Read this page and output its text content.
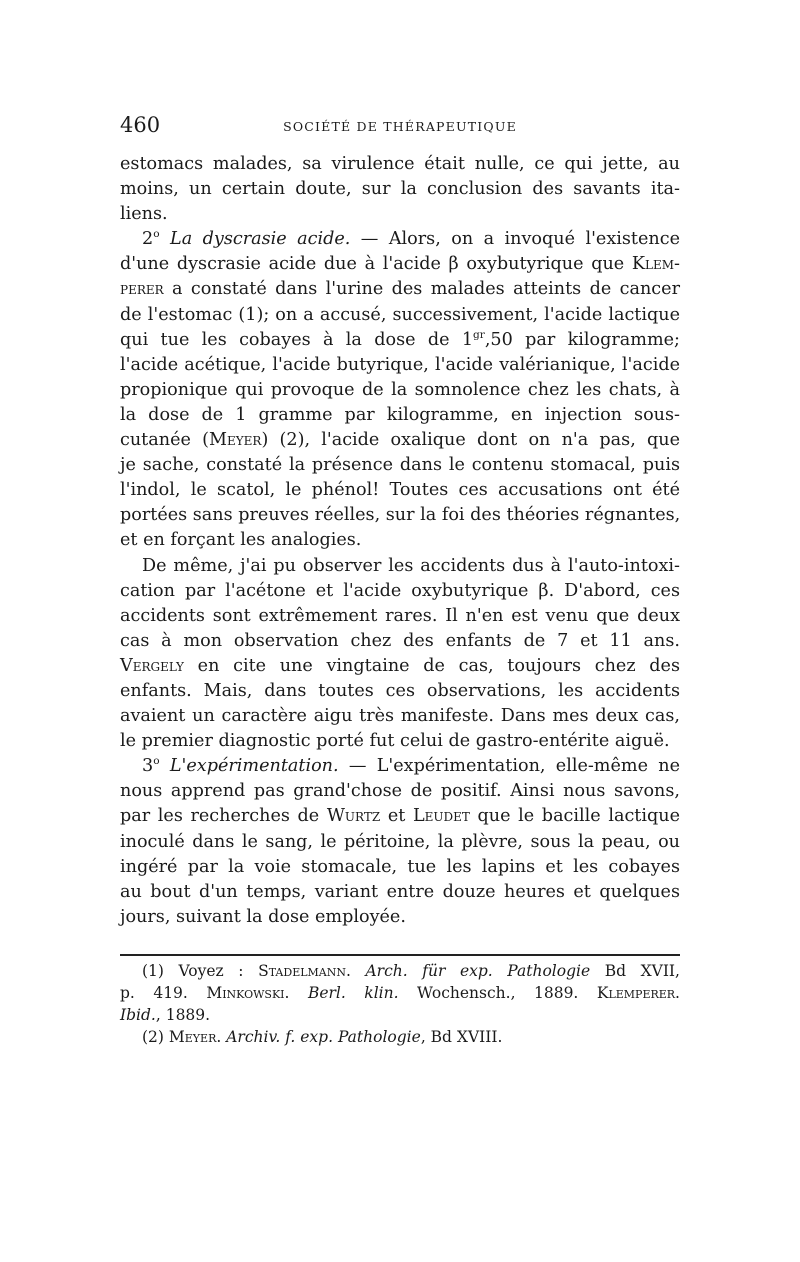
460	SOCIÉTÉ DE THÉRAPEUTIQUE
estomacs malades, sa virulence était nulle, ce qui jette, au
moins, un certain doute, sur la conclusion des savants ita-
liens.
2$^o$ La dyscrasie acide. — Alors, on a invoqué l'existence
d'une dyscrasie acide due à l'acide β oxybutyrique que Klem-
perer a constaté dans l'urine des malades atteints de cancer
de l'estomac (1); on a accusé, successivement, l'acide lactique
qui tue les cobayes à la dose de $1^{gr},50$ par kilogramme;
l'acide acétique, l'acide butyrique, l'acide valérianique, l'acide
propionique qui provoque de la somnolence chez les chats, à
la dose de 1 gramme par kilogramme, en injection sous-
cutanée (Meyer) (2), l'acide oxalique dont on n'a pas, que
je sache, constaté la présence dans le contenu stomacal, puis
l'indol, le scatol, le phénol! Toutes ces accusations ont été
portées sans preuves réelles, sur la foi des théories régnantes,
et en forçant les analogies.
De même, j'ai pu observer les accidents dus à l'auto-intoxi-
cation par l'acétone et l'acide oxybutyrique β. D'abord, ces
accidents sont extrêmement rares. Il n'en est venu que deux
cas à mon observation chez des enfants de 7 et 11 ans.
Vergely en cite une vingtaine de cas, toujours chez des
enfants. Mais, dans toutes ces observations, les accidents
avaient un caractère aigu très manifeste. Dans mes deux cas,
le premier diagnostic porté fut celui de gastro-entérite aiguë.
3$^o$ L'expérimentation. — L'expérimentation, elle-même ne
nous apprend pas grand'chose de positif. Ainsi nous savons,
par les recherches de Wurtz et Leudet que le bacille lactique
inoculé dans le sang, le péritoine, la plèvre, sous la peau, ou
ingéré par la voie stomacale, tue les lapins et les cobayes
au bout d'un temps, variant entre douze heures et quelques
jours, suivant la dose employée.
(1) Voyez : Stadelmann. Arch. für exp. Pathologie Bd XVII,
p. 419. Minkowski. Berl. klin. Wochensch., 1889. Klemperer.
Ibid., 1889.
(2) Meyer. Archiv. f. exp. Pathologie, Bd XVIII.
